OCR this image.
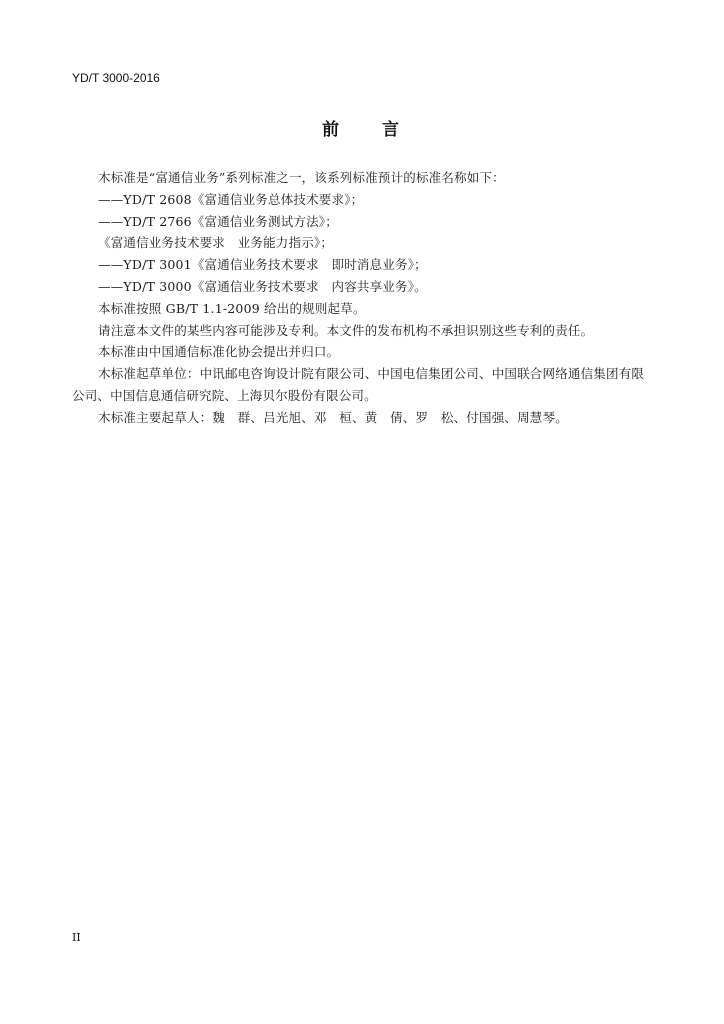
YD/T 3000-2016
前　　言
木标准是“富通信业务”系列标准之一，该系列标准预计的标准名称如下：
——YD/T 2608《富通信业务总体技术要求》；
——YD/T 2766《富通信业务测试方法》；
《富通信业务技术要求　业务能力指示》；
——YD/T 3001《富通信业务技术要求　即时消息业务》；
——YD/T 3000《富通信业务技术要求　内容共享业务》。
本标准按照 GB/T 1.1-2009 给出的规则起草。
请注意本文件的某些内容可能涉及专利。本文件的发布机构不承担识别这些专利的责任。
本标准由中国通信标准化协会提出并归口。
木标准起草单位：中讯邮电咨询设计院有限公司、中国电信集团公司、中国联合网络通信集团有限
公司、中国信息通信研究院、上海贝尔股份有限公司。
木标准主要起草人：魏　群、吕光旭、邓　桓、黄　倩、罗　松、付国强、周慧琴。
II
